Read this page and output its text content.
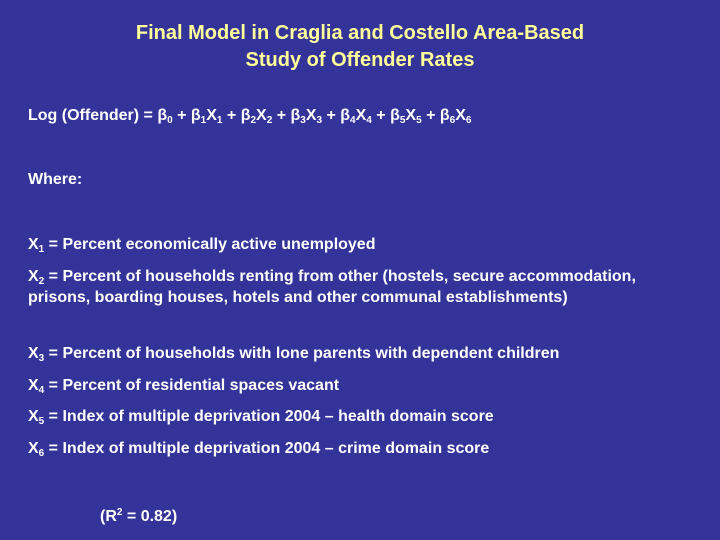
Final Model in Craglia and Costello Area-Based
Study of Offender Rates
Log (Offender) = $\beta_0 + \beta_1X_1 + \beta_2X_2 + \beta_3X_3 + \beta_4X_4 + \beta_5X_5 + \beta_6X_6$
Where:
$X_1$ = Percent economically active unemployed
$X_2$ = Percent of households renting from other (hostels, secure accommodation, prisons, boarding houses, hotels and other communal establishments)
$X_3$ = Percent of households with lone parents with dependent children
$X_4$ = Percent of residential spaces vacant
$X_5$ = Index of multiple deprivation 2004 – health domain score
$X_6$ = Index of multiple deprivation 2004 – crime domain score
$(R^2 = 0.82)$
